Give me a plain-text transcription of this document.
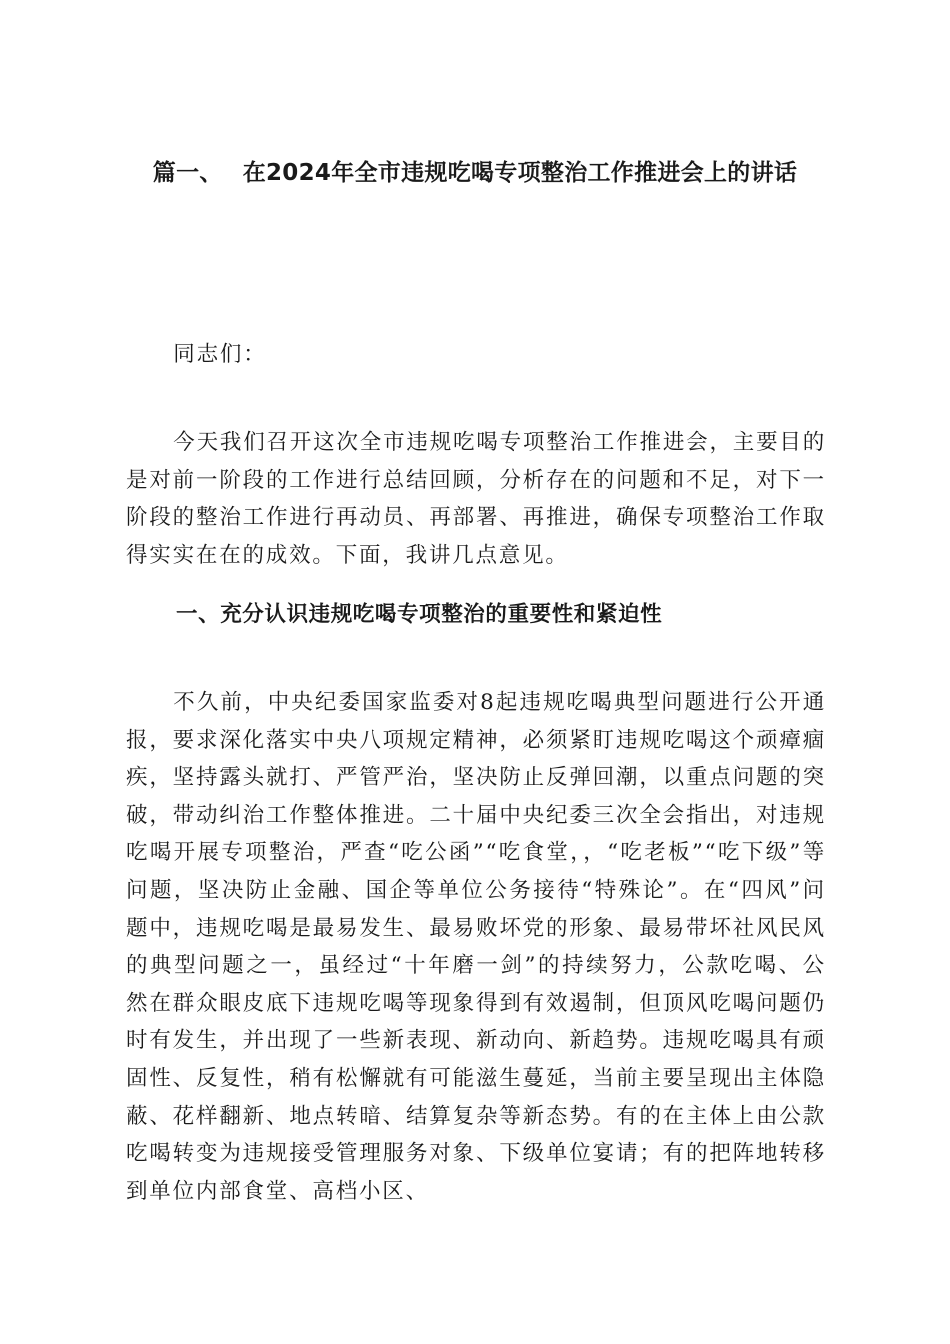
篇一、 在2024年全市违规吃喝专项整治工作推进会上的讲话

同志们：

今天我们召开这次全市违规吃喝专项整治工作推进会，主要目的是对前一阶段的工作进行总结回顾，分析存在的问题和不足，对下一阶段的整治工作进行再动员、再部署、再推进，确保专项整治工作取得实实在在的成效。下面，我讲几点意见。

一、充分认识违规吃喝专项整治的重要性和紧迫性

不久前，中央纪委国家监委对8起违规吃喝典型问题进行公开通报，要求深化落实中央八项规定精神，必须紧盯违规吃喝这个顽瘴痼疾，坚持露头就打、严管严治，坚决防止反弹回潮，以重点问题的突破，带动纠治工作整体推进。二十届中央纪委三次全会指出，对违规吃喝开展专项整治，严查“吃公函”“吃食堂，，“吃老板”“吃下级”等问题，坚决防止金融、国企等单位公务接待“特殊论”。在“四风”问题中，违规吃喝是最易发生、最易败坏党的形象、最易带坏社风民风的典型问题之一，虽经过“十年磨一剑”的持续努力，公款吃喝、公然在群众眼皮底下违规吃喝等现象得到有效遏制，但顶风吃喝问题仍时有发生，并出现了一些新表现、新动向、新趋势。违规吃喝具有顽固性、反复性，稍有松懈就有可能滋生蔓延，当前主要呈现出主体隐蔽、花样翻新、地点转暗、结算复杂等新态势。有的在主体上由公款吃喝转变为违规接受管理服务对象、下级单位宴请；有的把阵地转移到单位内部食堂、高档小区、
